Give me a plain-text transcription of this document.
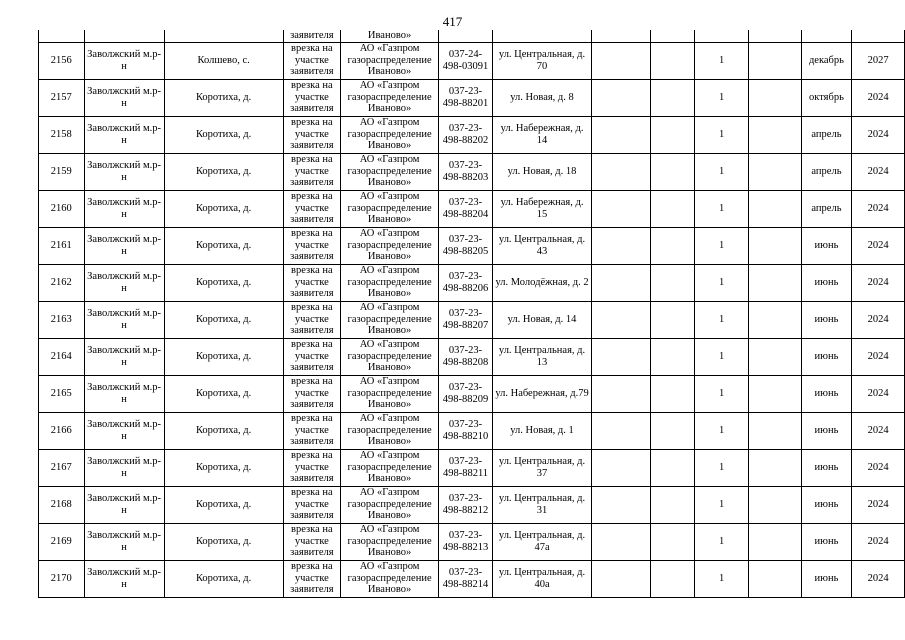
417
			заявителя	Иваново»								

2156	Заволжский м.р-н	Колшево, с.	врезка на участке заявителя	АО «Газпром газораспределение Иваново»	037-24-498-03091	ул. Центральная, д. 70			1		декабрь	2027

2157	Заволжский м.р-н	Коротиха, д.	врезка на участке заявителя	АО «Газпром газораспределение Иваново»	037-23-498-88201	ул. Новая, д. 8			1		октябрь	2024

2158	Заволжский м.р-н	Коротиха, д.	врезка на участке заявителя	АО «Газпром газораспределение Иваново»	037-23-498-88202	ул. Набережная, д. 14			1		апрель	2024

2159	Заволжский м.р-н	Коротиха, д.	врезка на участке заявителя	АО «Газпром газораспределение Иваново»	037-23-498-88203	ул. Новая, д. 18			1		апрель	2024

2160	Заволжский м.р-н	Коротиха, д.	врезка на участке заявителя	АО «Газпром газораспределение Иваново»	037-23-498-88204	ул. Набережная, д. 15			1		апрель	2024

2161	Заволжский м.р-н	Коротиха, д.	врезка на участке заявителя	АО «Газпром газораспределение Иваново»	037-23-498-88205	ул. Центральная, д. 43			1		июнь	2024

2162	Заволжский м.р-н	Коротиха, д.	врезка на участке заявителя	АО «Газпром газораспределение Иваново»	037-23-498-88206	ул. Молодёжная, д. 2			1		июнь	2024

2163	Заволжский м.р-н	Коротиха, д.	врезка на участке заявителя	АО «Газпром газораспределение Иваново»	037-23-498-88207	ул. Новая, д. 14			1		июнь	2024

2164	Заволжский м.р-н	Коротиха, д.	врезка на участке заявителя	АО «Газпром газораспределение Иваново»	037-23-498-88208	ул. Центральная, д. 13			1		июнь	2024

2165	Заволжский м.р-н	Коротиха, д.	врезка на участке заявителя	АО «Газпром газораспределение Иваново»	037-23-498-88209	ул. Набережная, д.79			1		июнь	2024

2166	Заволжский м.р-н	Коротиха, д.	врезка на участке заявителя	АО «Газпром газораспределение Иваново»	037-23-498-88210	ул. Новая, д. 1			1		июнь	2024

2167	Заволжский м.р-н	Коротиха, д.	врезка на участке заявителя	АО «Газпром газораспределение Иваново»	037-23-498-88211	ул. Центральная, д. 37			1		июнь	2024

2168	Заволжский м.р-н	Коротиха, д.	врезка на участке заявителя	АО «Газпром газораспределение Иваново»	037-23-498-88212	ул. Центральная, д. 31			1		июнь	2024

2169	Заволжский м.р-н	Коротиха, д.	врезка на участке заявителя	АО «Газпром газораспределение Иваново»	037-23-498-88213	ул. Центральная, д. 47а			1		июнь	2024

2170	Заволжский м.р-н	Коротиха, д.	врезка на участке заявителя	АО «Газпром газораспределение Иваново»	037-23-498-88214	ул. Центральная, д. 40а			1		июнь	2024
